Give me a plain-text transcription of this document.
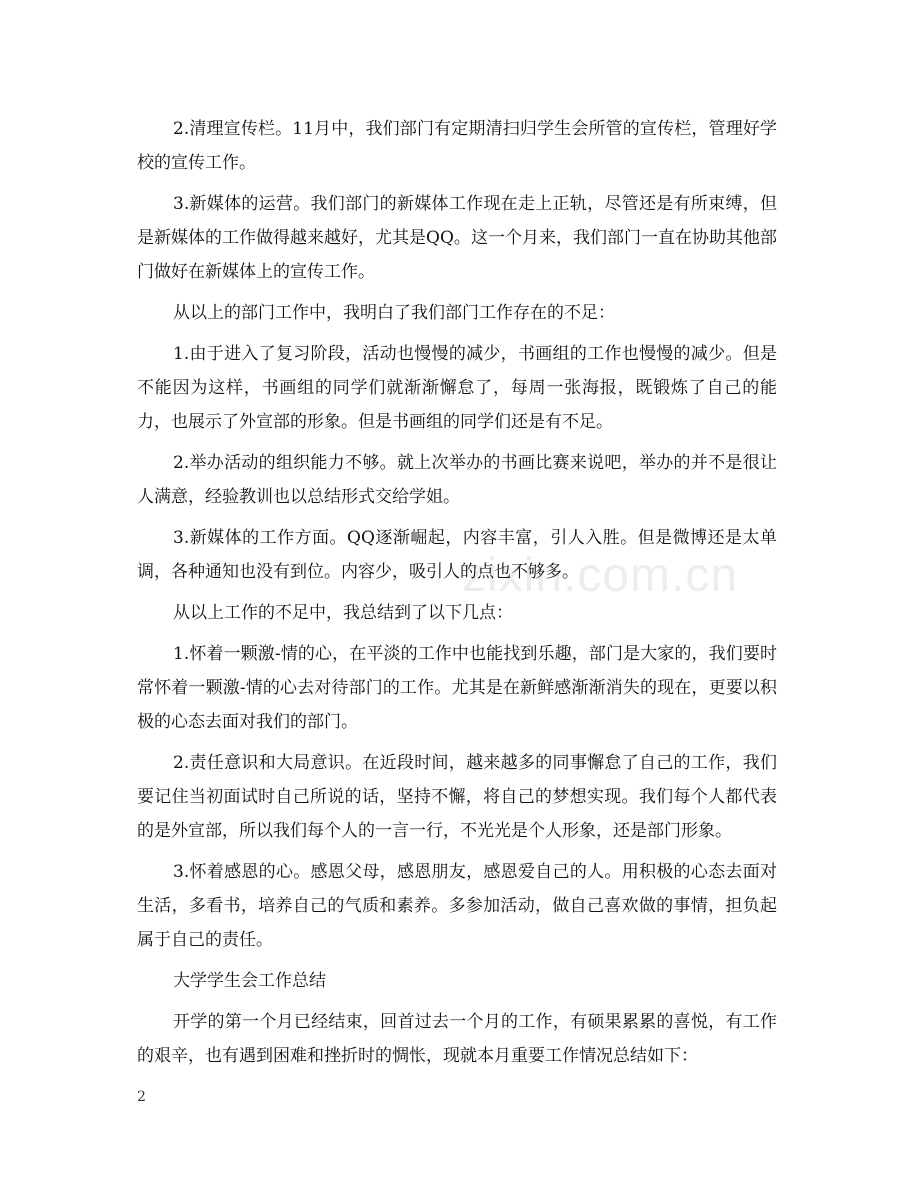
zixin.com.cn

2.清理宣传栏。11月中，我们部门有定期清扫归学生会所管的宣传栏，管理好学校的宣传工作。

3.新媒体的运营。我们部门的新媒体工作现在走上正轨，尽管还是有所束缚，但是新媒体的工作做得越来越好，尤其是QQ。这一个月来，我们部门一直在协助其他部门做好在新媒体上的宣传工作。

从以上的部门工作中，我明白了我们部门工作存在的不足：

1.由于进入了复习阶段，活动也慢慢的减少，书画组的工作也慢慢的减少。但是不能因为这样，书画组的同学们就渐渐懈怠了，每周一张海报，既锻炼了自己的能力，也展示了外宣部的形象。但是书画组的同学们还是有不足。

2.举办活动的组织能力不够。就上次举办的书画比赛来说吧，举办的并不是很让人满意，经验教训也以总结形式交给学姐。

3.新媒体的工作方面。QQ逐渐崛起，内容丰富，引人入胜。但是微博还是太单调，各种通知也没有到位。内容少，吸引人的点也不够多。

从以上工作的不足中，我总结到了以下几点：

1.怀着一颗激-情的心，在平淡的工作中也能找到乐趣，部门是大家的，我们要时常怀着一颗激-情的心去对待部门的工作。尤其是在新鲜感渐渐消失的现在，更要以积极的心态去面对我们的部门。

2.责任意识和大局意识。在近段时间，越来越多的同事懈怠了自己的工作，我们要记住当初面试时自己所说的话，坚持不懈，将自己的梦想实现。我们每个人都代表的是外宣部，所以我们每个人的一言一行，不光光是个人形象，还是部门形象。

3.怀着感恩的心。感恩父母，感恩朋友，感恩爱自己的人。用积极的心态去面对生活，多看书，培养自己的气质和素养。多参加活动，做自己喜欢做的事情，担负起属于自己的责任。

大学学生会工作总结

开学的第一个月已经结束，回首过去一个月的工作，有硕果累累的喜悦，有工作的艰辛，也有遇到困难和挫折时的惆怅，现就本月重要工作情况总结如下：

2
